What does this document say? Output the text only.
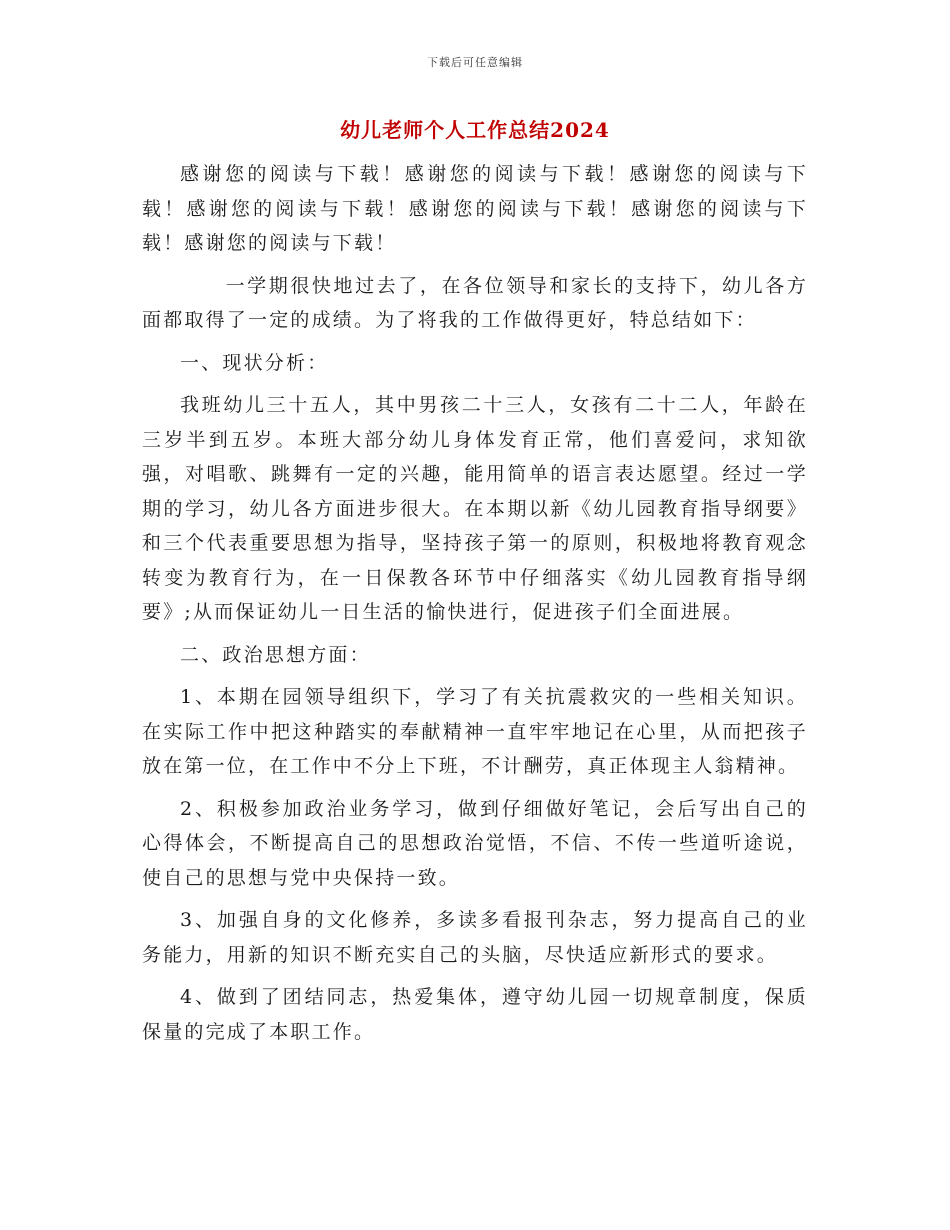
下载后可任意编辑
幼儿老师个人工作总结2024

感谢您的阅读与下载！感谢您的阅读与下载！感谢您的阅读与下载！感谢您的阅读与下载！感谢您的阅读与下载！感谢您的阅读与下载！感谢您的阅读与下载！

一学期很快地过去了，在各位领导和家长的支持下，幼儿各方面都取得了一定的成绩。为了将我的工作做得更好，特总结如下：

一、现状分析：

我班幼儿三十五人，其中男孩二十三人，女孩有二十二人，年龄在三岁半到五岁。本班大部分幼儿身体发育正常，他们喜爱问，求知欲强，对唱歌、跳舞有一定的兴趣，能用简单的语言表达愿望。经过一学期的学习，幼儿各方面进步很大。在本期以新《幼儿园教育指导纲要》和三个代表重要思想为指导，坚持孩子第一的原则，积极地将教育观念转变为教育行为，在一日保教各环节中仔细落实《幼儿园教育指导纲要》;从而保证幼儿一日生活的愉快进行，促进孩子们全面进展。

二、政治思想方面：

1、本期在园领导组织下，学习了有关抗震救灾的一些相关知识。在实际工作中把这种踏实的奉献精神一直牢牢地记在心里，从而把孩子放在第一位，在工作中不分上下班，不计酬劳，真正体现主人翁精神。

2、积极参加政治业务学习，做到仔细做好笔记，会后写出自己的心得体会，不断提高自己的思想政治觉悟，不信、不传一些道听途说，使自己的思想与党中央保持一致。

3、加强自身的文化修养，多读多看报刊杂志，努力提高自己的业务能力，用新的知识不断充实自己的头脑，尽快适应新形式的要求。

4、做到了团结同志，热爱集体，遵守幼儿园一切规章制度，保质保量的完成了本职工作。
